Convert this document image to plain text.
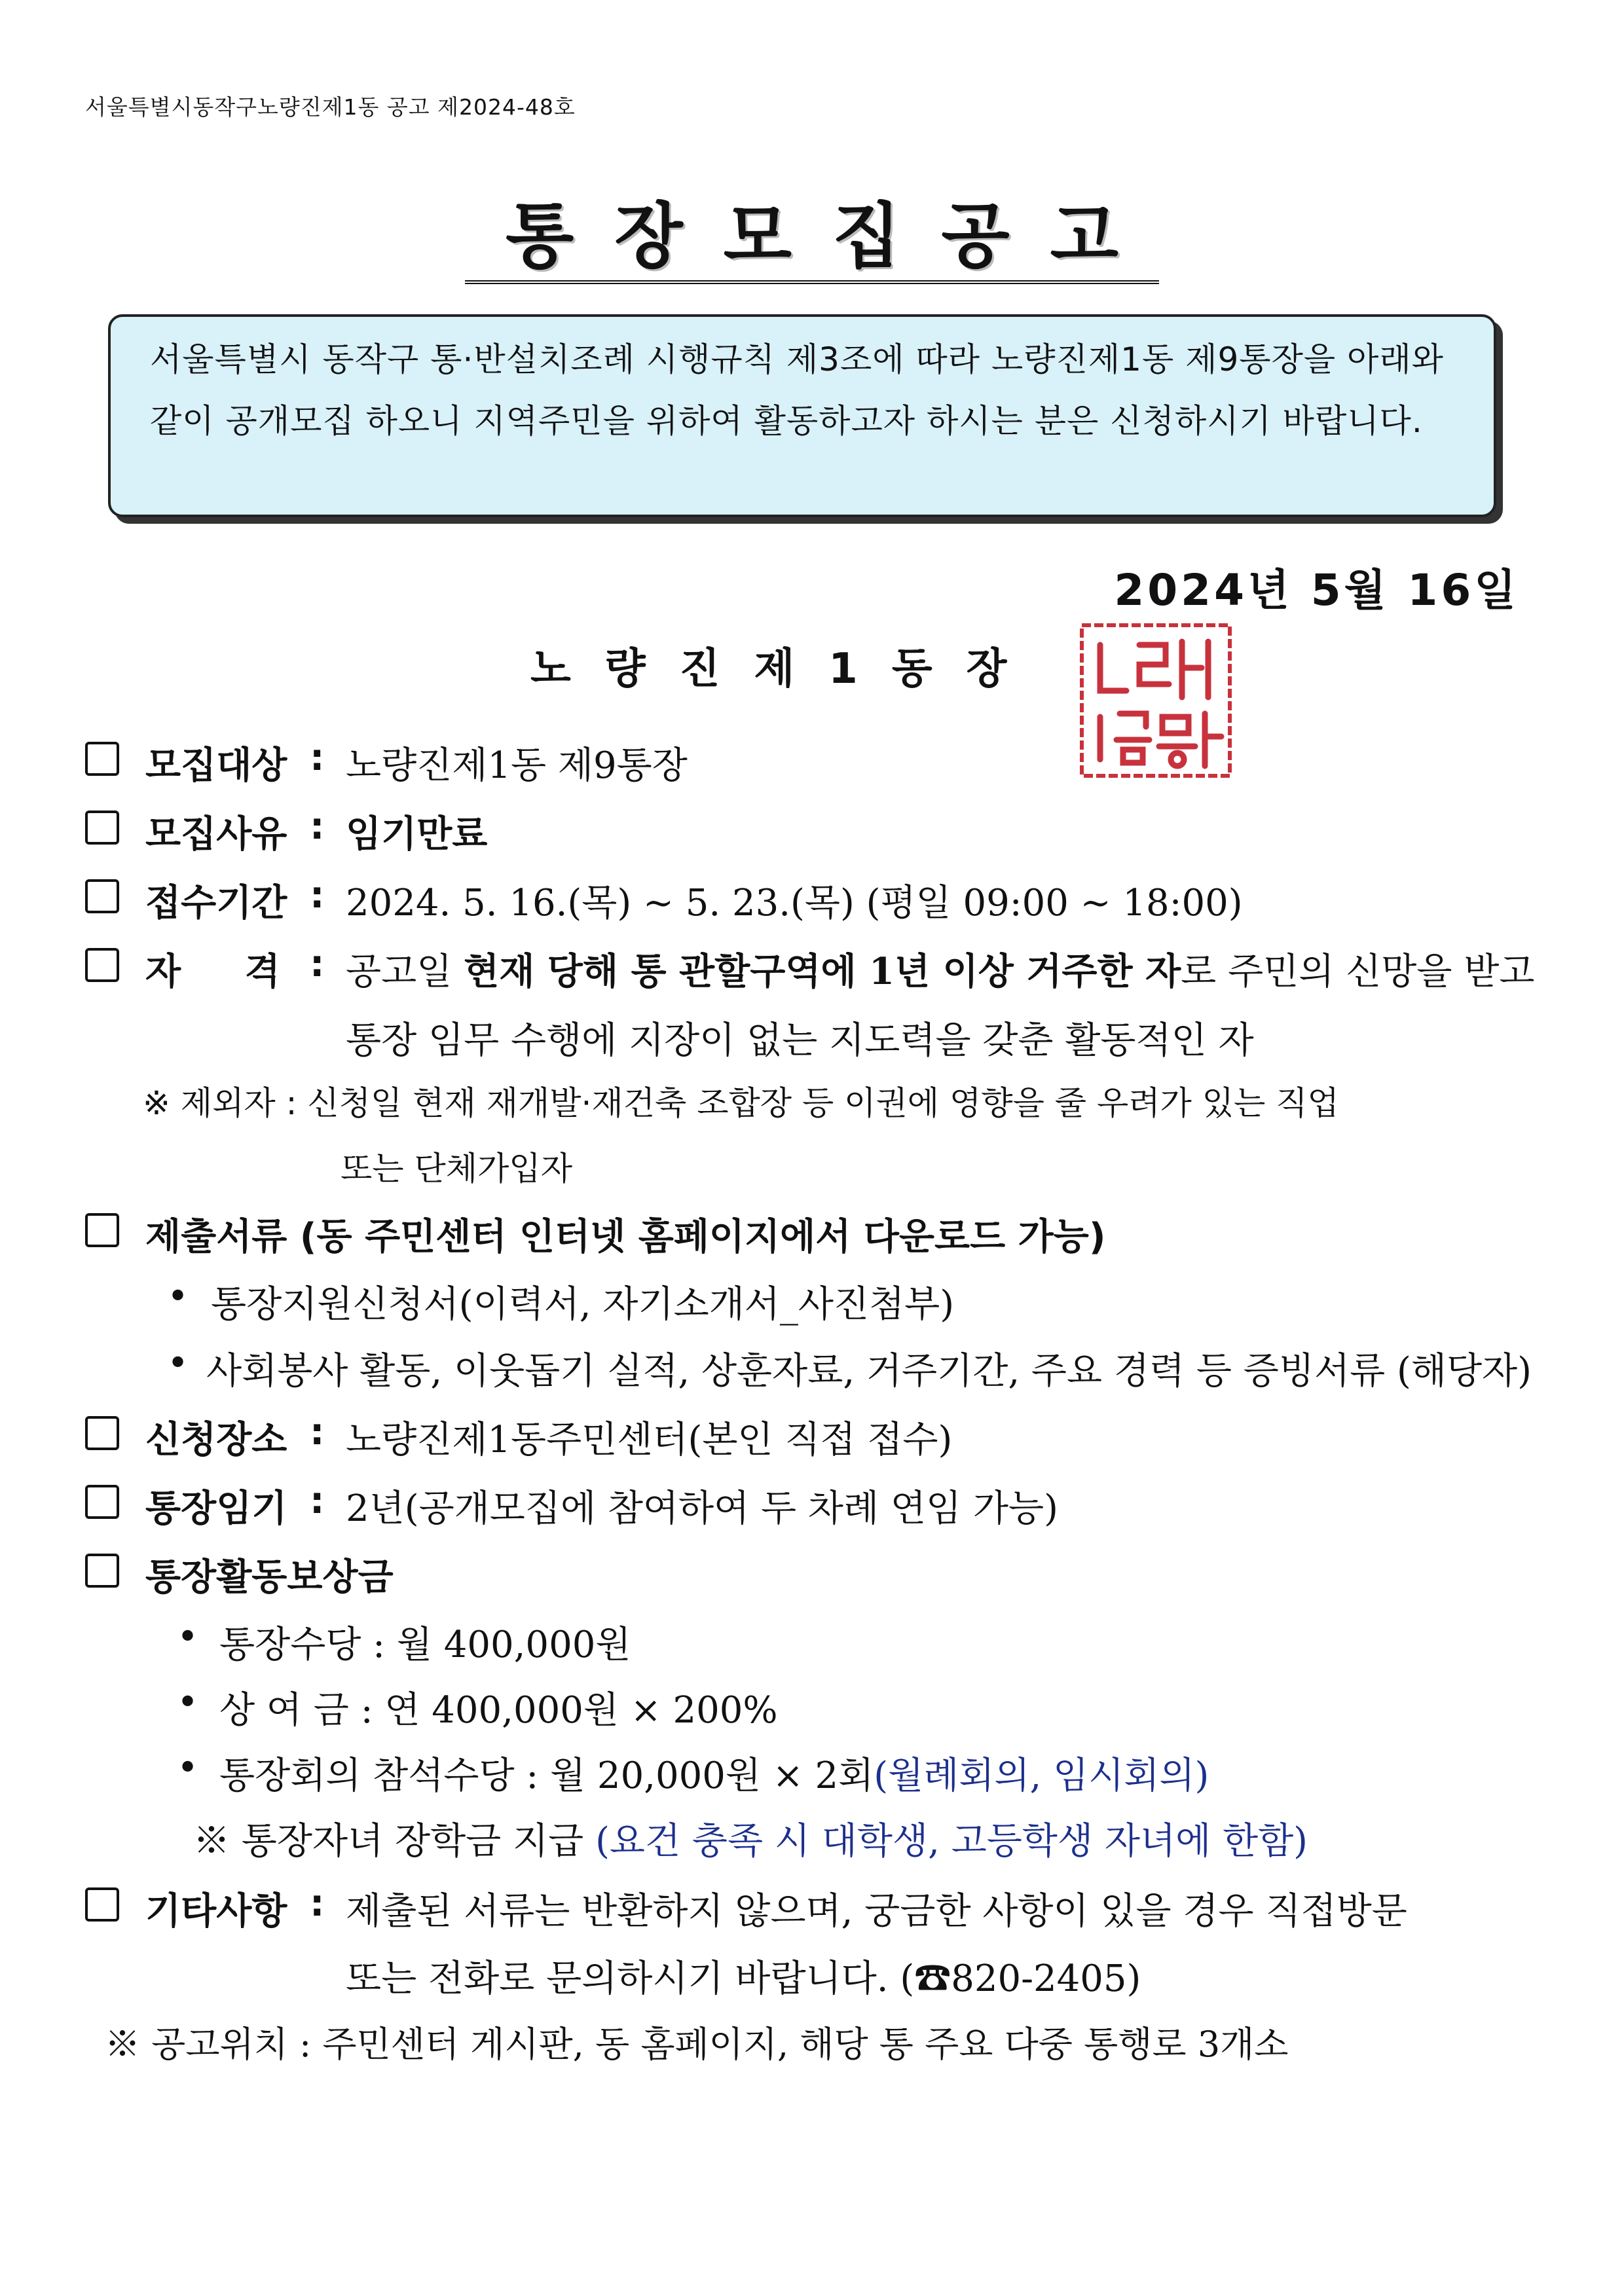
서울특별시동작구노량진제1동 공고 제2024-48호
통장모집공고
서울특별시 동작구 통·반설치조례 시행규칙 제3조에 따라 노량진제1동 제9통장을 아래와 같이 공개모집 하오니 지역주민을 위하여 활동하고자 하시는 분은 신청하시기 바랍니다.
2024년 5월 16일
노량진제1동장
모집대상 : 노량진제1동 제9통장
모집사유 : 임기만료
접수기간 : 2024. 5. 16.(목) ~ 5. 23.(목) (평일 09:00 ~ 18:00)
자     격 : 공고일 현재 당해 통 관할구역에 1년 이상 거주한 자로 주민의 신망을 받고
통장 임무 수행에 지장이 없는 지도력을 갖춘 활동적인 자
※ 제외자 : 신청일 현재 재개발·재건축 조합장 등 이권에 영향을 줄 우려가 있는 직업
또는 단체가입자
제출서류 (동 주민센터 인터넷 홈페이지에서 다운로드 가능)
• 통장지원신청서(이력서, 자기소개서_사진첨부)
• 사회봉사 활동, 이웃돕기 실적, 상훈자료, 거주기간, 주요 경력 등 증빙서류 (해당자)
신청장소 : 노량진제1동주민센터(본인 직접 접수)
통장임기 : 2년(공개모집에 참여하여 두 차례 연임 가능)
통장활동보상금
• 통장수당 : 월 400,000원
• 상 여 금 : 연 400,000원 × 200%
• 통장회의 참석수당 : 월 20,000원 × 2회(월례회의, 임시회의)
※ 통장자녀 장학금 지급 (요건 충족 시 대학생, 고등학생 자녀에 한함)
기타사항 : 제출된 서류는 반환하지 않으며, 궁금한 사항이 있을 경우 직접방문
또는 전화로 문의하시기 바랍니다. (☎820-2405)
※ 공고위치 : 주민센터 게시판, 동 홈페이지, 해당 통 주요 다중 통행로 3개소
